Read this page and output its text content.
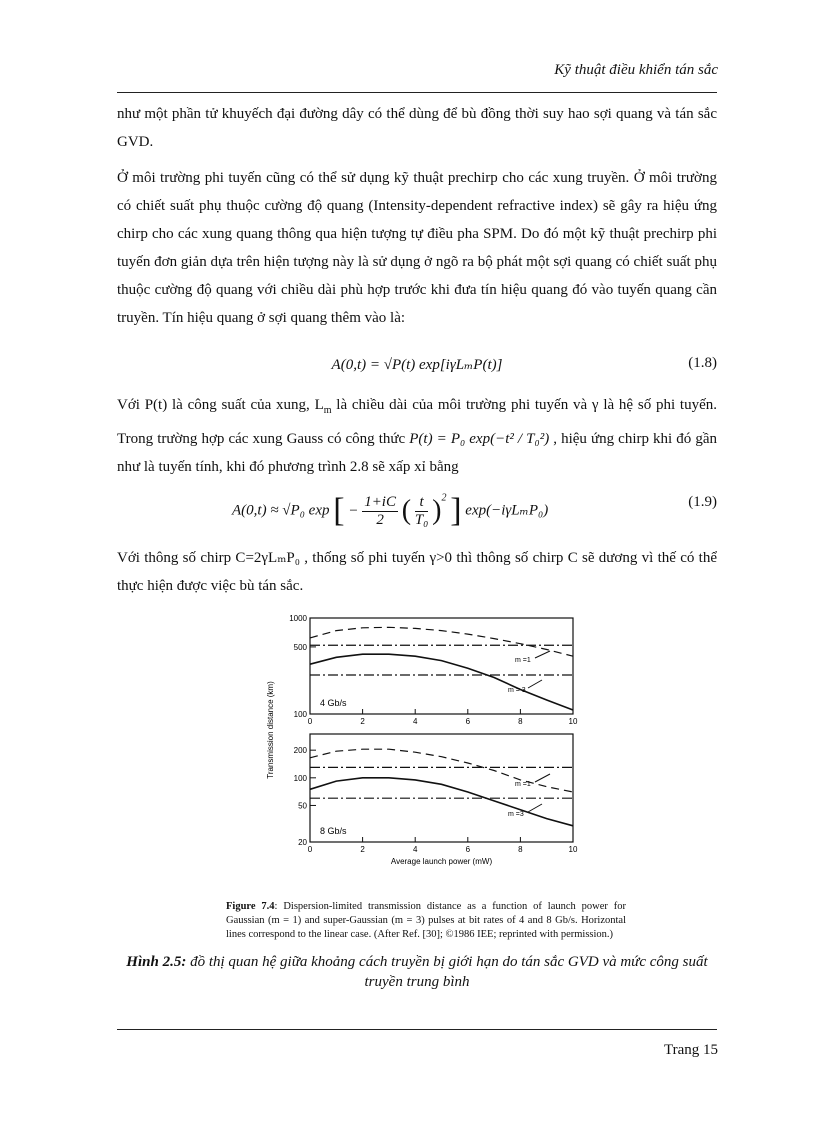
Kỹ thuật điều khiển tán sắc

như một phần tử khuyếch đại đường dây có thể dùng để bù đồng thời suy hao sợi quang và tán sắc GVD.

Ở môi trường phi tuyến cũng có thể sử dụng kỹ thuật prechirp cho các xung truyền. Ở môi trường có chiết suất phụ thuộc cường độ quang (Intensity-dependent refractive index) sẽ gây ra hiệu ứng chirp cho các xung quang thông qua hiện tượng tự điều pha SPM. Do đó một kỹ thuật prechirp phi tuyến đơn giản dựa trên hiện tượng này là sử dụng ở ngõ ra bộ phát một sợi quang có chiết suất phụ thuộc cường độ quang với chiều dài phù hợp trước khi đưa tín hiệu quang đó vào tuyến quang cần truyền. Tín hiệu quang ở sợi quang thêm vào là:

A(0,t) = √P(t) exp[iγLₘP(t)]	(1.8)

Với P(t) là công suất của xung, $L_m$ là chiều dài của môi trường phi tuyến và γ là hệ số phi tuyến. Trong trường hợp các xung Gauss có công thức P(t) = P₀ exp(−t² / T₀²) , hiệu ứng chirp khi đó gần như là tuyến tính, khi đó phương trình 2.8 sẽ xấp xỉ bằng

A(0,t) ≈ √P₀ exp [ − $\frac{1+iC}{2}$ ( $\frac{t}{\text{T₀}} )^2$ ] exp(−iγLₘP₀)
(1.9)

Với thông số chirp C=2γLₘP₀ , thống số phi tuyến γ>0 thì thông số chirp C sẽ dương vì thế có thể thực hiện được việc bù tán sắc.

0	2	4	6	8	10
100
500
1000
4 Gb/s
m =1
m = 3
0	2	4	6	8	10
20
50
100
200
8 Gb/s
m =1
m =3
Average launch power (mW)
Transmission distance (km)

Figure 7.4: Dispersion-limited transmission distance as a function of launch power for Gaussian (m = 1) and super-Gaussian (m = 3) pulses at bit rates of 4 and 8 Gb/s. Horizontal lines correspond to the linear case. (After Ref. [30]; ©1986 IEE; reprinted with permission.)

Hình 2.5: đồ thị quan hệ giữa khoảng cách truyền bị giới hạn do tán sắc GVD và mức công suất truyền trung bình

Trang 15
